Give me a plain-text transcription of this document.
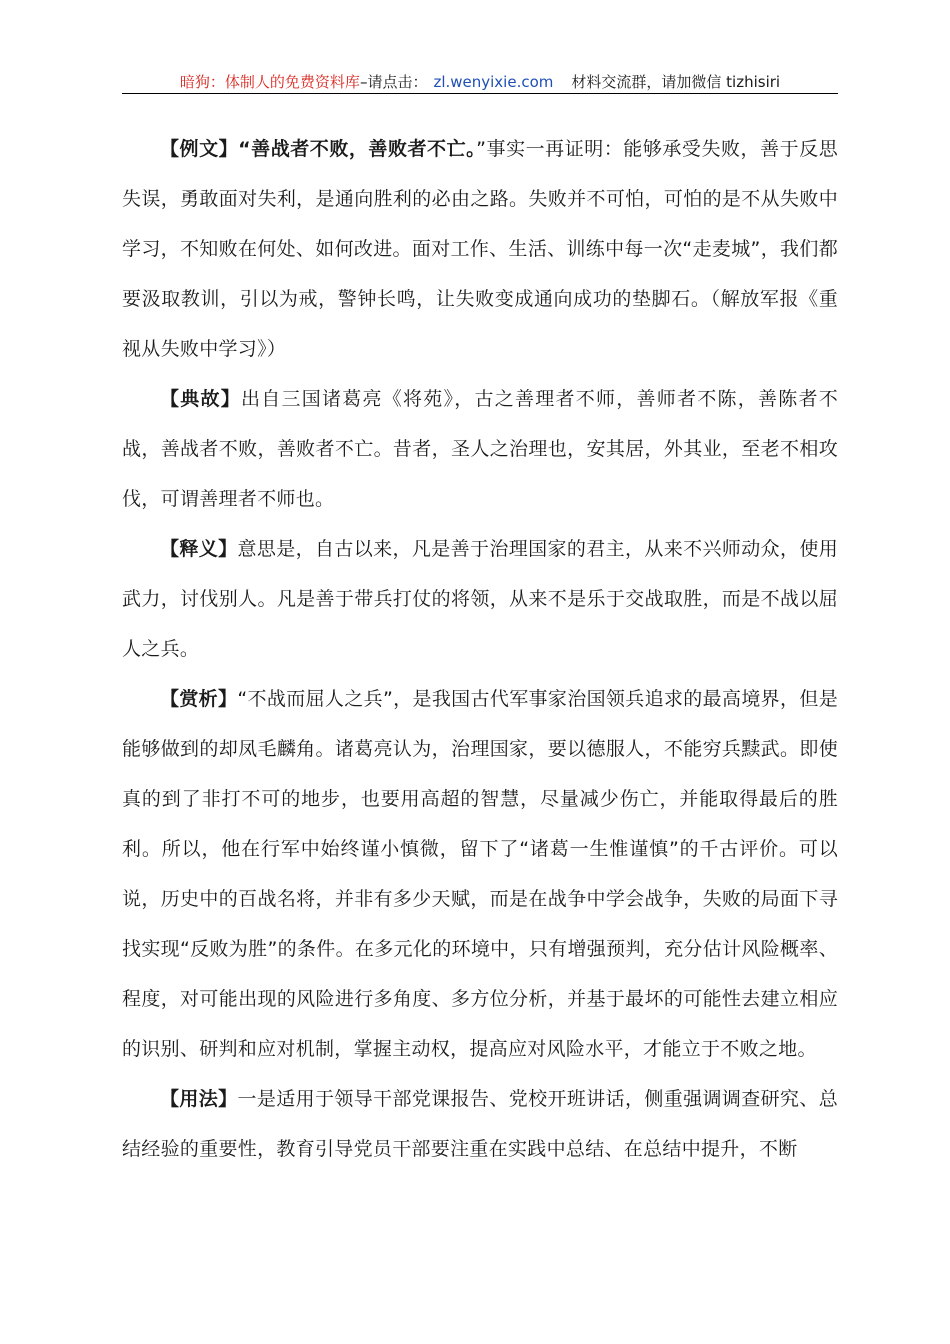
暗狗：体制人的免费资料库–请点击： zl.wenyixie.com 材料交流群，请加微信 tizhisiri

【例文】“善战者不败，善败者不亡。”事实一再证明：能够承受失败，善于反思失误，勇敢面对失利，是通向胜利的必由之路。失败并不可怕，可怕的是不从失败中学习，不知败在何处、如何改进。面对工作、生活、训练中每一次“走麦城”，我们都要汲取教训，引以为戒，警钟长鸣，让失败变成通向成功的垫脚石。（解放军报《重视从失败中学习》）

【典故】出自三国诸葛亮《将苑》，古之善理者不师，善师者不陈，善陈者不战，善战者不败，善败者不亡。昔者，圣人之治理也，安其居，外其业，至老不相攻伐，可谓善理者不师也。

【释义】意思是，自古以来，凡是善于治理国家的君主，从来不兴师动众，使用武力，讨伐别人。凡是善于带兵打仗的将领，从来不是乐于交战取胜，而是不战以屈人之兵。

【赏析】“不战而屈人之兵”，是我国古代军事家治国领兵追求的最高境界，但是能够做到的却凤毛麟角。诸葛亮认为，治理国家，要以德服人，不能穷兵黩武。即使真的到了非打不可的地步，也要用高超的智慧，尽量减少伤亡，并能取得最后的胜利。所以，他在行军中始终谨小慎微，留下了“诸葛一生惟谨慎”的千古评价。可以说，历史中的百战名将，并非有多少天赋，而是在战争中学会战争，失败的局面下寻找实现“反败为胜”的条件。在多元化的环境中，只有增强预判，充分估计风险概率、程度，对可能出现的风险进行多角度、多方位分析，并基于最坏的可能性去建立相应的识别、研判和应对机制，掌握主动权，提高应对风险水平，才能立于不败之地。

【用法】一是适用于领导干部党课报告、党校开班讲话，侧重强调调查研究、总结经验的重要性，教育引导党员干部要注重在实践中总结、在总结中提升，不断
